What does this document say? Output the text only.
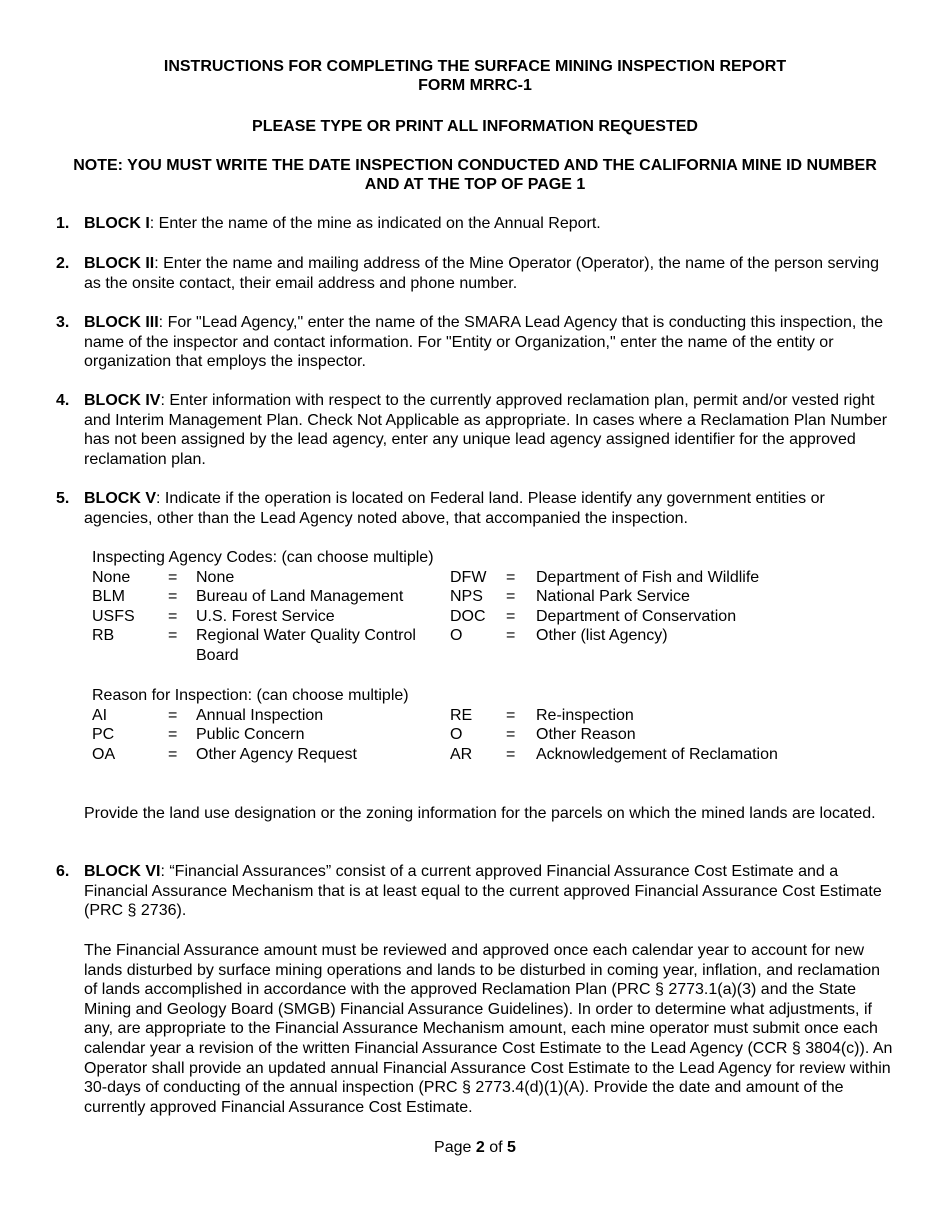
INSTRUCTIONS FOR COMPLETING THE SURFACE MINING INSPECTION REPORT
FORM MRRC-1

PLEASE TYPE OR PRINT ALL INFORMATION REQUESTED

NOTE: YOU MUST WRITE THE DATE INSPECTION CONDUCTED AND THE CALIFORNIA MINE ID NUMBER AND AT THE TOP OF PAGE 1

1. BLOCK I: Enter the name of the mine as indicated on the Annual Report.
2. BLOCK II: Enter the name and mailing address of the Mine Operator (Operator), the name of the person serving as the onsite contact, their email address and phone number.
3. BLOCK III: For "Lead Agency," enter the name of the SMARA Lead Agency that is conducting this inspection, the name of the inspector and contact information. For "Entity or Organization," enter the name of the entity or organization that employs the inspector.
4. BLOCK IV: Enter information with respect to the currently approved reclamation plan, permit and/or vested right and Interim Management Plan. Check Not Applicable as appropriate. In cases where a Reclamation Plan Number has not been assigned by the lead agency, enter any unique lead agency assigned identifier for the approved reclamation plan.
5. BLOCK V: Indicate if the operation is located on Federal land. Please identify any government entities or agencies, other than the Lead Agency noted above, that accompanied the inspection.
Inspecting Agency Codes: (can choose multiple)					
None	=	None	DFW	=	Department of Fish and Wildlife
BLM	=	Bureau of Land Management	NPS	=	National Park Service
USFS	=	U.S. Forest Service	DOC	=	Department of Conservation
RB	=	Regional Water Quality Control Board	O	=	Other (list Agency)
Reason for Inspection: (can choose multiple)					
AI	=	Annual Inspection	RE	=	Re-inspection
PC	=	Public Concern	O	=	Other Reason
OA	=	Other Agency Request	AR	=	Acknowledgement of Reclamation
Provide the land use designation or the zoning information for the parcels on which the mined lands are located.
6. BLOCK VI: “Financial Assurances” consist of a current approved Financial Assurance Cost Estimate and a Financial Assurance Mechanism that is at least equal to the current approved Financial Assurance Cost Estimate (PRC § 2736).
The Financial Assurance amount must be reviewed and approved once each calendar year to account for new lands disturbed by surface mining operations and lands to be disturbed in coming year, inflation, and reclamation of lands accomplished in accordance with the approved Reclamation Plan (PRC § 2773.1(a)(3) and the State Mining and Geology Board (SMGB) Financial Assurance Guidelines). In order to determine what adjustments, if any, are appropriate to the Financial Assurance Mechanism amount, each mine operator must submit once each calendar year a revision of the written Financial Assurance Cost Estimate to the Lead Agency (CCR § 3804(c)). An Operator shall provide an updated annual Financial Assurance Cost Estimate to the Lead Agency for review within 30-days of conducting of the annual inspection (PRC § 2773.4(d)(1)(A). Provide the date and amount of the currently approved Financial Assurance Cost Estimate.
Page 2 of 5
